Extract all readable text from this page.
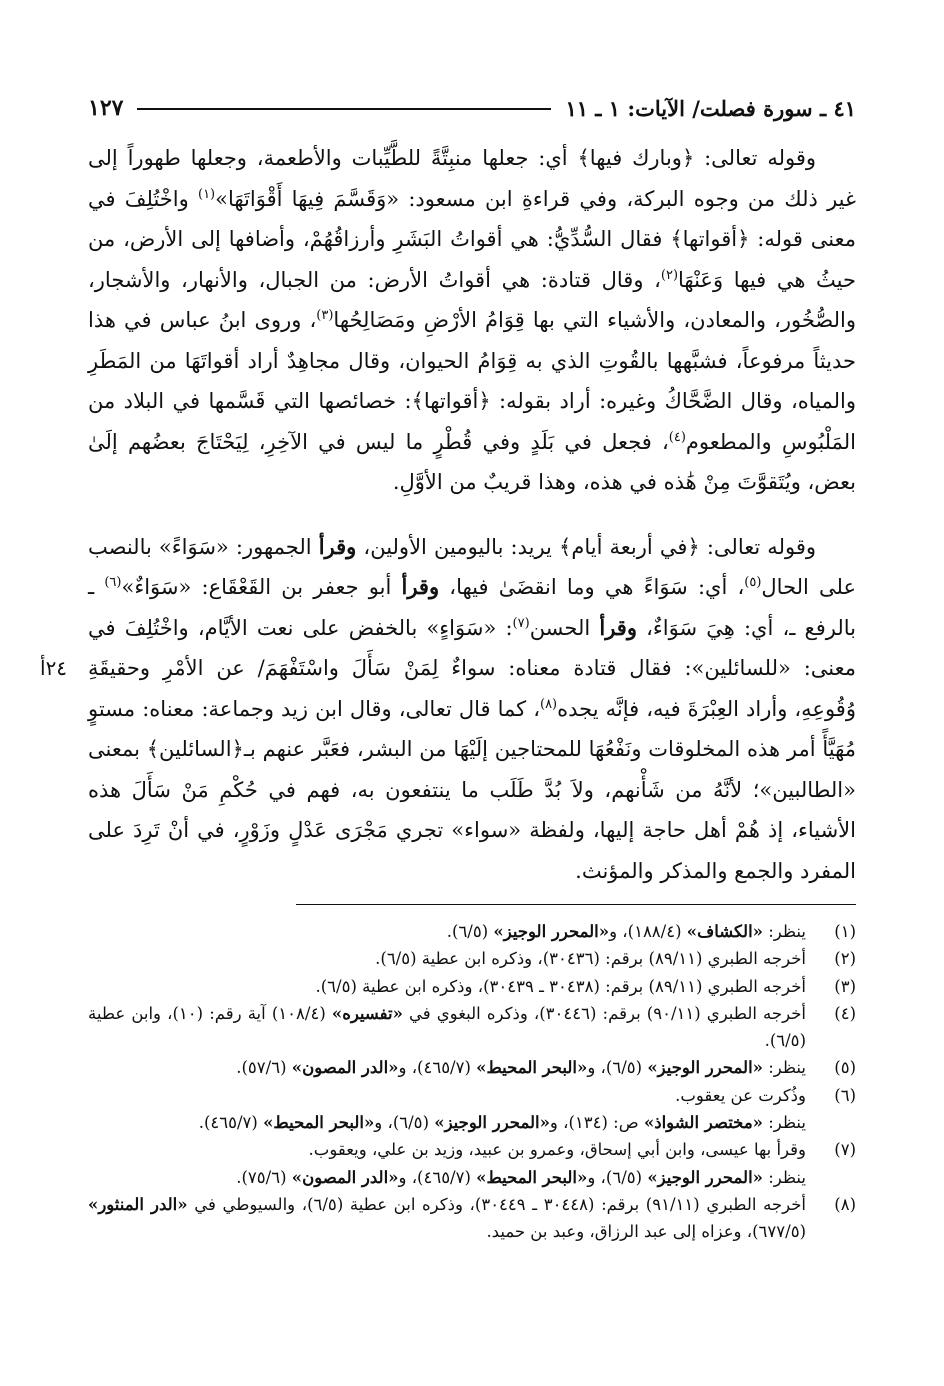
٤١ ـ سورة فصلت/ الآيات: ١ ـ ١١
١٢٧
٢٤أ

وقوله تعالى: ﴿وبارك فيها﴾ أي: جعلها منبِتَّةً للطَّيِّبات والأطعمة، وجعلها طهوراً إلى غير ذلك من وجوه البركة، وفي قراءةِ ابن مسعود: «وَقَسَّمَ فِيهَا أَقْوَاتَهَا»$^{(١)}$ واخْتُلِفَ في معنى قوله: ﴿أقواتها﴾ فقال السُّدِّيُّ: هي أقواتُ البَشَرِ وأرزاقُهُمْ، وأضافها إلى الأرض، من حيثُ هي فيها وَعَنْهَا$^{(٢)}$، وقال قتادة: هي أقواتُ الأرض: من الجبال، والأنهار، والأشجار، والصُّخُور، والمعادن، والأشياء التي بها قِوَامُ الأرْضِ ومَصَالِحُها$^{(٣)}$، وروى ابنُ عباس في هذا حديثاً مرفوعاً، فشبَّهها بالقُوتِ الذي به قِوَامُ الحيوان، وقال مجاهِدٌ أراد أقواتَهَا من المَطَرِ والمياه، وقال الضَّحَّاكُ وغيره: أراد بقوله: ﴿أقواتها﴾: خصائصها التي قَسَّمها في البلاد من المَلْبُوسِ والمطعوم$^{(٤)}$، فجعل في بَلَدٍ وفي قُطْرٍ ما ليس في الآخِرِ، لِيَحْتَاجَ بعضُهم إلَىٰ بعض، ويُتَقوَّتَ مِنْ هَٰذه في هذه، وهذا قريبٌ من الأوَّلِ.

وقوله تعالى: ﴿في أربعة أيام﴾ يريد: باليومين الأولين، وقرأ الجمهور: «سَوَاءً» بالنصب على الحال$^{(٥)}$، أي: سَوَاءً هي وما انقضَىٰ فيها، وقرأ أبو جعفر بن القَعْقَاع: «سَوَاءٌ»$^{(٦)}$ ـ بالرفع ـ، أي: هِيَ سَوَاءٌ، وقرأ الحسن$^{(٧)}$: «سَوَاءٍ» بالخفض على نعت الأيَّام، واخْتُلِفَ في معنى: «للسائلين»: فقال قتادة معناه: سواءٌ لِمَنْ سَأَلَ واسْتَفْهَمَ/ عن الأمْرِ وحقيقَةِ وُقُوعِهِ، وأراد العِبْرَةَ فيه، فإنَّه يجده$^{(٨)}$، كما قال تعالى، وقال ابن زيد وجماعة: معناه: مستوٍ مُهَيَّأً أمر هذه المخلوقات ونَفْعُهَا للمحتاجين إلَيْهَا من البشر، فعَبَّر عنهم بـ﴿السائلين﴾ بمعنى «الطالبين»؛ لأنَّهُ من شَأْنهم، ولاَ بُدَّ طَلَب ما ينتفعون به، فهم في حُكْمِ مَنْ سَأَلَ هذه الأشياء، إذ هُمْ أهل حاجة إليها، ولفظة «سواء» تجري مَجْرَى عَدْلٍ وزَوْرٍ، في أنْ تَرِدَ على المفرد والجمع والمذكر والمؤنث.

(١)
ينظر: «الكشاف» (١٨٨/٤)، و«المحرر الوجيز» (٦/٥).
(٢)
أخرجه الطبري (٨٩/١١) برقم: (٣٠٤٣٦)، وذكره ابن عطية (٦/٥).
(٣)
أخرجه الطبري (٨٩/١١) برقم: (٣٠٤٣٨ ـ ٣٠٤٣٩)، وذكره ابن عطية (٦/٥).
(٤)
أخرجه الطبري (٩٠/١١) برقم: (٣٠٤٤٦)، وذكره البغوي في «تفسيره» (١٠٨/٤) آية رقم: (١٠)، وابن عطية (٦/٥).
(٥)
ينظر: «المحرر الوجيز» (٦/٥)، و«البحر المحيط» (٤٦٥/٧)، و«الدر المصون» (٥٧/٦).
(٦)
وذُكرت عن يعقوب.
ينظر: «مختصر الشواذ» ص: (١٣٤)، و«المحرر الوجيز» (٦/٥)، و«البحر المحيط» (٤٦٥/٧).
(٧)
وقرأ بها عيسى، وابن أبي إسحاق، وعمرو بن عبيد، وزيد بن علي، ويعقوب.
ينظر: «المحرر الوجيز» (٦/٥)، و«البحر المحيط» (٤٦٥/٧)، و«الدر المصون» (٧٥/٦).
(٨)
أخرجه الطبري (٩١/١١) برقم: (٣٠٤٤٨ ـ ٣٠٤٤٩)، وذكره ابن عطية (٦/٥)، والسيوطي في «الدر المنثور» (٦٧٧/٥)، وعزاه إلى عبد الرزاق، وعبد بن حميد.
